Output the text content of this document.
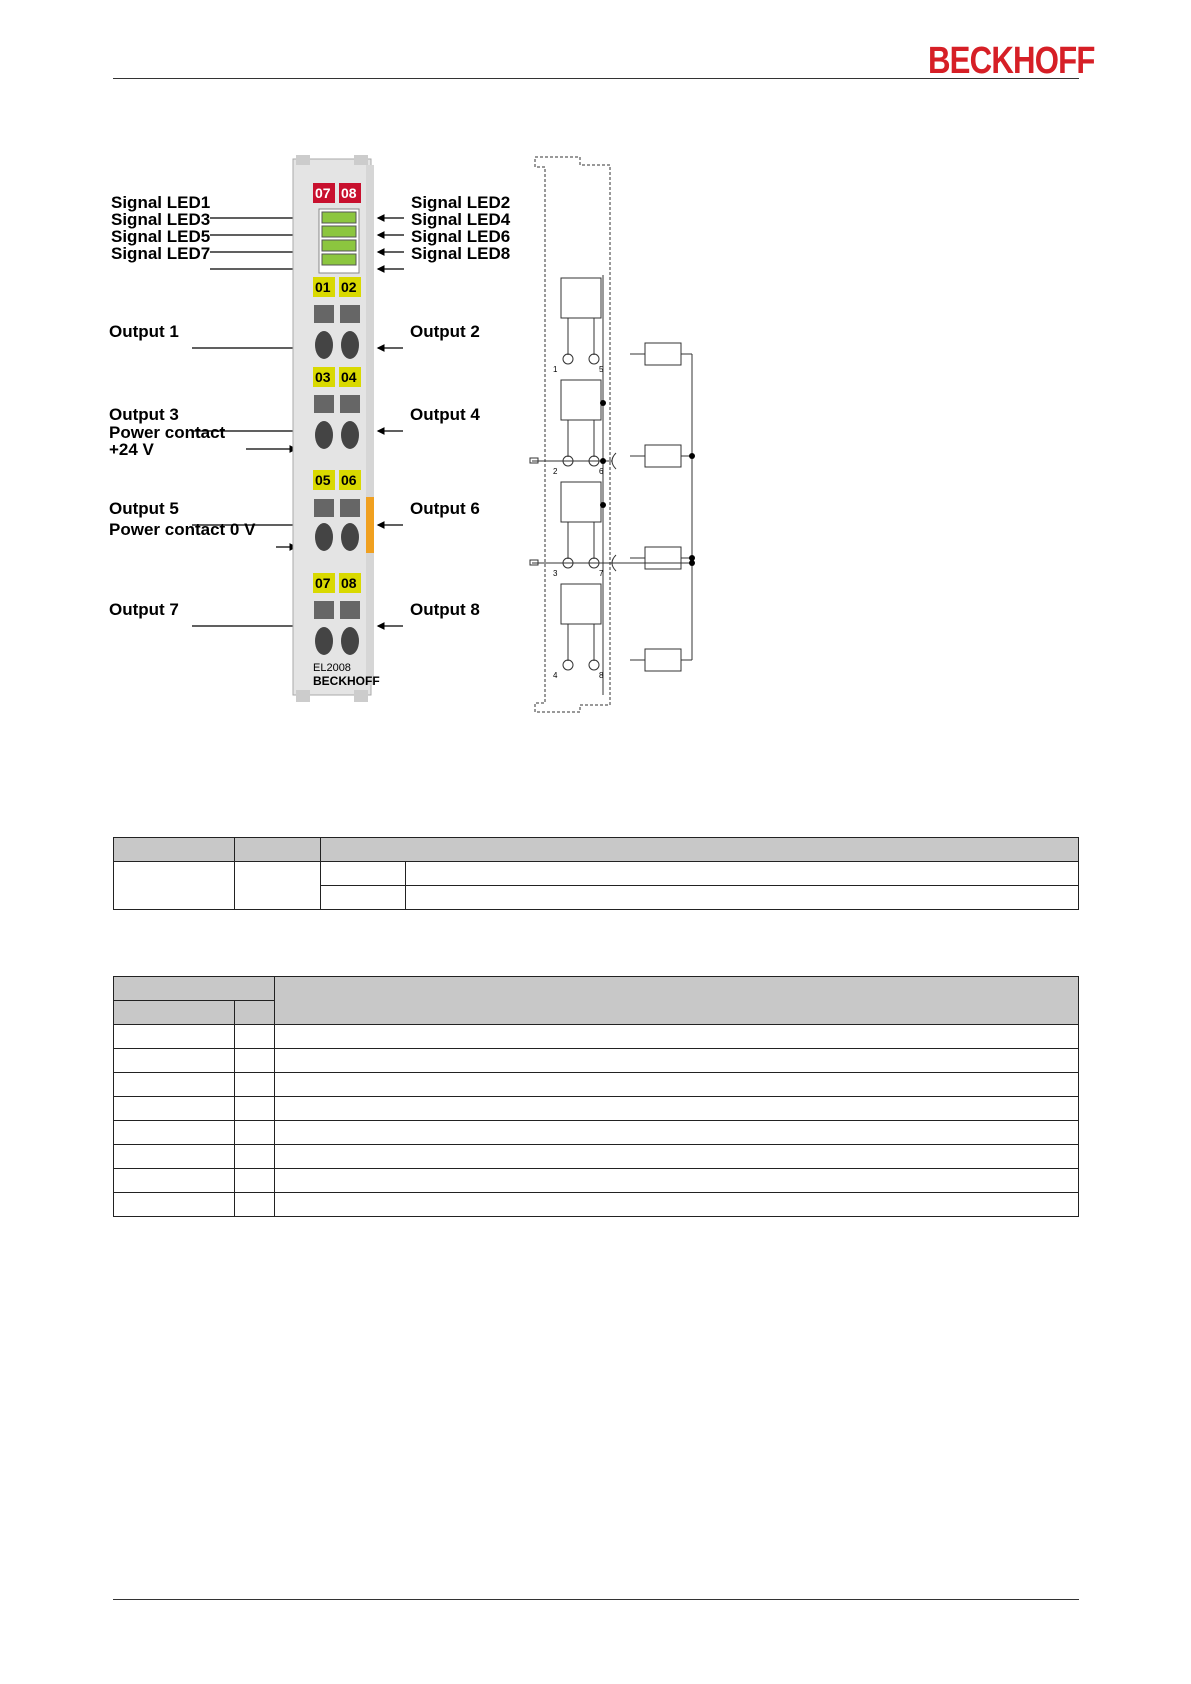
BECKHOFF
Signal LED1
Signal LED3
Signal LED5
Signal LED7
Output 1
Output 3
Power contact
+24 V
Output 5
Power contact 0 V
Output 7
Signal LED2
Signal LED4
Signal LED6
Signal LED8
Output 2
Output 4
Output 6
Output 8
07 08
01 02
03 04
05 06
07 08
EL2008
BECKHOFF
1	5
2	6
3	7
4	8
